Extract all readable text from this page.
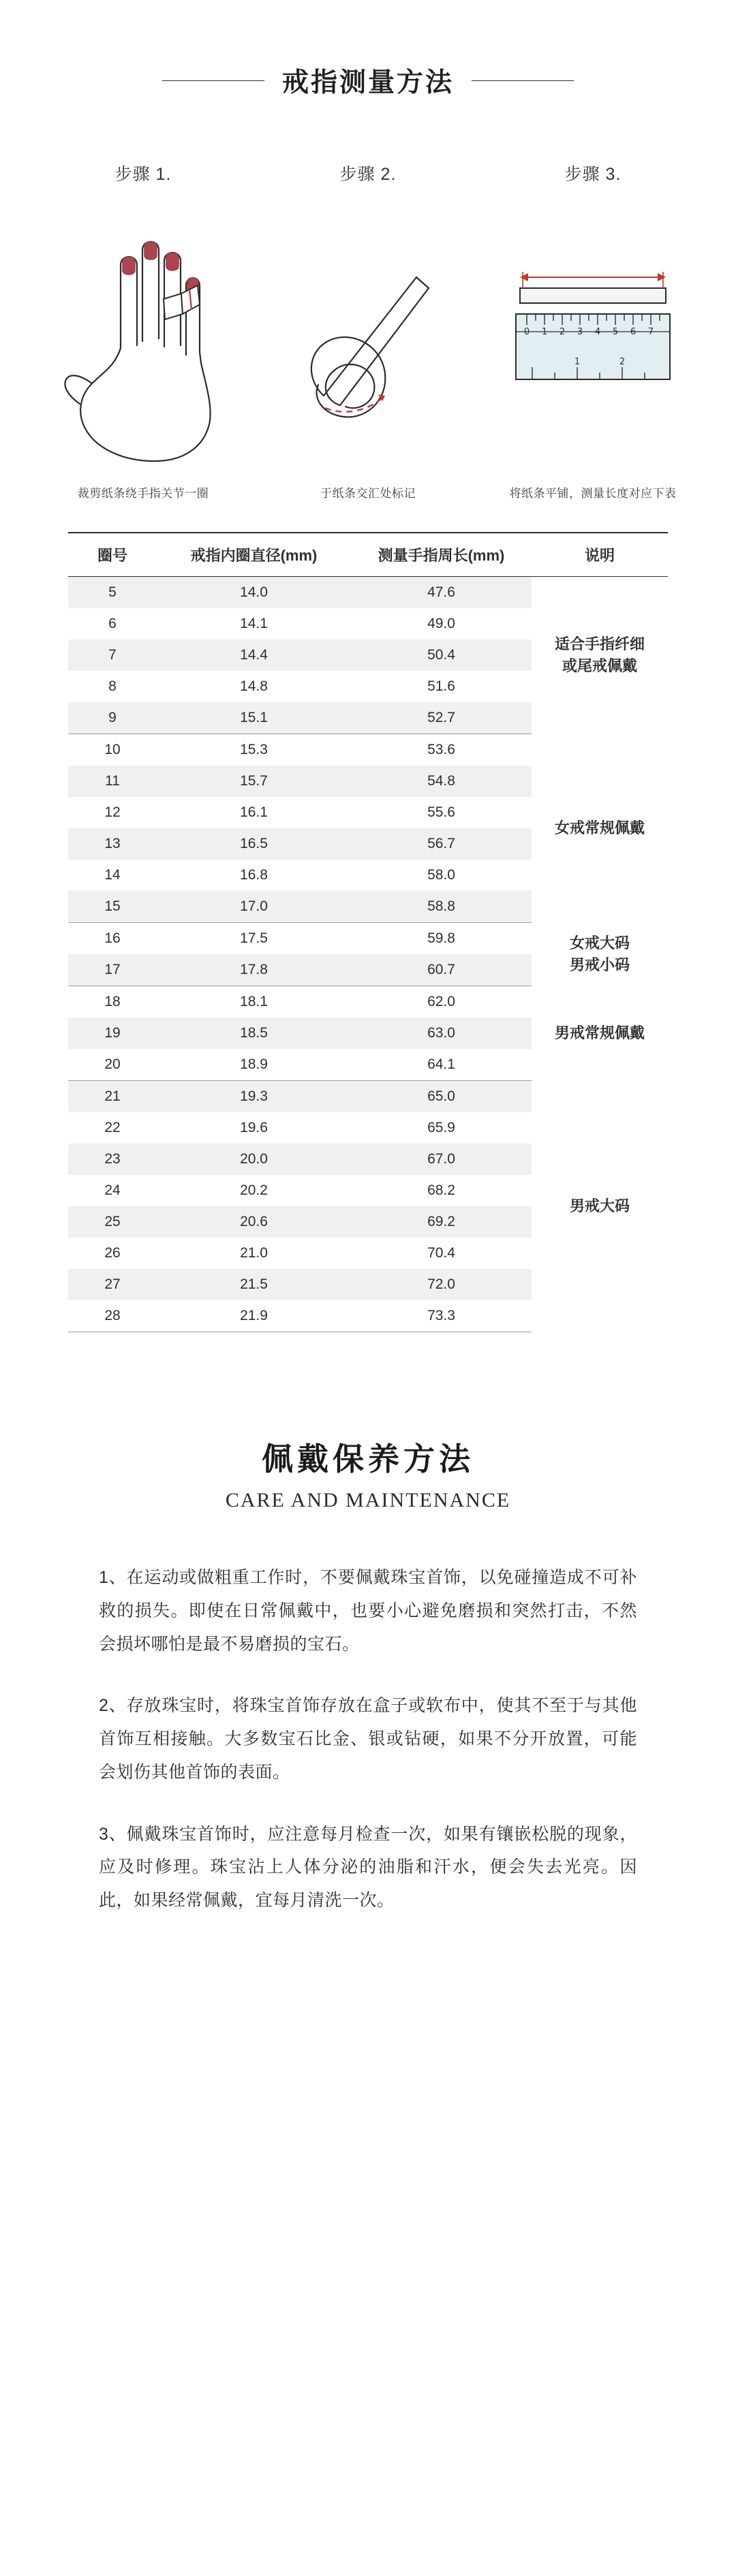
戒指测量方法
步骤 1.
裁剪纸条绕手指关节一圈
步骤 2.
于纸条交汇处标记
步骤 3.
0 1 2 3 4 5 6 7
1	2
将纸条平铺，测量长度对应下表
圈号	戒指内圈直径(mm)	测量手指周长(mm)	说明
5	14.0	47.6	适合手指纤细
或尾戒佩戴
6	14.1	49.0	
7	14.4	50.4	
8	14.8	51.6	
9	15.1	52.7	
10	15.3	53.6	女戒常规佩戴
11	15.7	54.8	
12	16.1	55.6	
13	16.5	56.7	
14	16.8	58.0	
15	17.0	58.8	
16	17.5	59.8	女戒大码
男戒小码
17	17.8	60.7	
18	18.1	62.0	男戒常规佩戴
19	18.5	63.0	
20	18.9	64.1	
21	19.3	65.0	男戒大码
22	19.6	65.9	
23	20.0	67.0	
24	20.2	68.2	
25	20.6	69.2	
26	21.0	70.4	
27	21.5	72.0	
28	21.9	73.3	
佩戴保养方法
CARE AND MAINTENANCE
1、在运动或做粗重工作时，不要佩戴珠宝首饰，以免碰撞造成不可补救的损失。即使在日常佩戴中，也要小心避免磨损和突然打击，不然会损坏哪怕是最不易磨损的宝石。
2、存放珠宝时，将珠宝首饰存放在盒子或软布中，使其不至于与其他首饰互相接触。大多数宝石比金、银或钻硬，如果不分开放置，可能会划伤其他首饰的表面。
3、佩戴珠宝首饰时，应注意每月检查一次，如果有镶嵌松脱的现象，应及时修理。珠宝沾上人体分泌的油脂和汗水，便会失去光亮。因此，如果经常佩戴，宜每月清洗一次。
